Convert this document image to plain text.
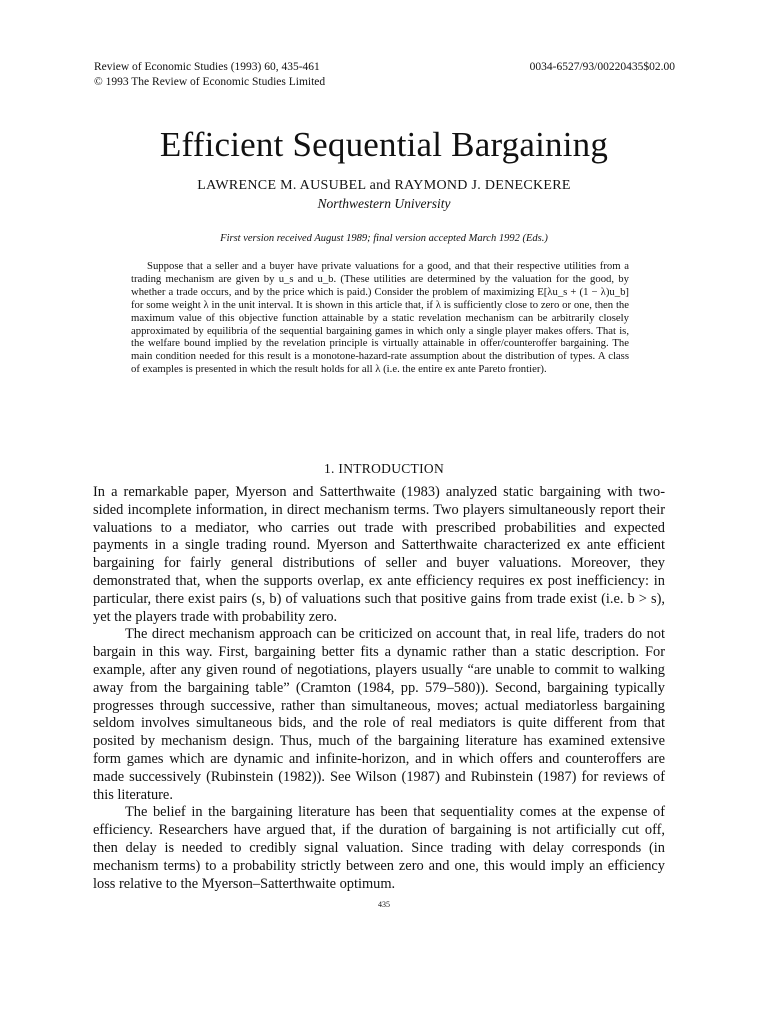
Review of Economic Studies (1993) 60, 435-461
© 1993 The Review of Economic Studies Limited
0034-6527/93/00220435$02.00
Efficient Sequential Bargaining
LAWRENCE M. AUSUBEL and RAYMOND J. DENECKERE
Northwestern University
First version received August 1989; final version accepted March 1992 (Eds.)

Suppose that a seller and a buyer have private valuations for a good, and that their respective utilities from a trading mechanism are given by u_s and u_b. (These utilities are determined by the valuation for the good, by whether a trade occurs, and by the price which is paid.) Consider the problem of maximizing E[λu_s + (1 − λ)u_b] for some weight λ in the unit interval. It is shown in this article that, if λ is sufficiently close to zero or one, then the maximum value of this objective function attainable by a static revelation mechanism can be arbitrarily closely approximated by equilibria of the sequential bargaining games in which only a single player makes offers. That is, the welfare bound implied by the revelation principle is virtually attainable in offer/counteroffer bargaining. The main condition needed for this result is a monotone-hazard-rate assumption about the distribution of types. A class of examples is presented in which the result holds for all λ (i.e. the entire ex ante Pareto frontier).

1. INTRODUCTION

In a remarkable paper, Myerson and Satterthwaite (1983) analyzed static bargaining with two-sided incomplete information, in direct mechanism terms. Two players simultaneously report their valuations to a mediator, who carries out trade with prescribed probabilities and expected payments in a single trading round. Myerson and Satterthwaite characterized ex ante efficient bargaining for fairly general distributions of seller and buyer valuations. Moreover, they demonstrated that, when the supports overlap, ex ante efficiency requires ex post inefficiency: in particular, there exist pairs (s, b) of valuations such that positive gains from trade exist (i.e. b > s), yet the players trade with probability zero.

The direct mechanism approach can be criticized on account that, in real life, traders do not bargain in this way. First, bargaining better fits a dynamic rather than a static description. For example, after any given round of negotiations, players usually “are unable to commit to walking away from the bargaining table” (Cramton (1984, pp. 579–580)). Second, bargaining typically progresses through successive, rather than simultaneous, moves; actual mediatorless bargaining seldom involves simultaneous bids, and the role of real mediators is quite different from that posited by mechanism design. Thus, much of the bargaining literature has examined extensive form games which are dynamic and infinite-horizon, and in which offers and counteroffers are made successively (Rubinstein (1982)). See Wilson (1987) and Rubinstein (1987) for reviews of this literature.

The belief in the bargaining literature has been that sequentiality comes at the expense of efficiency. Researchers have argued that, if the duration of bargaining is not artificially cut off, then delay is needed to credibly signal valuation. Since trading with delay corresponds (in mechanism terms) to a probability strictly between zero and one, this would imply an efficiency loss relative to the Myerson–Satterthwaite optimum.

435
